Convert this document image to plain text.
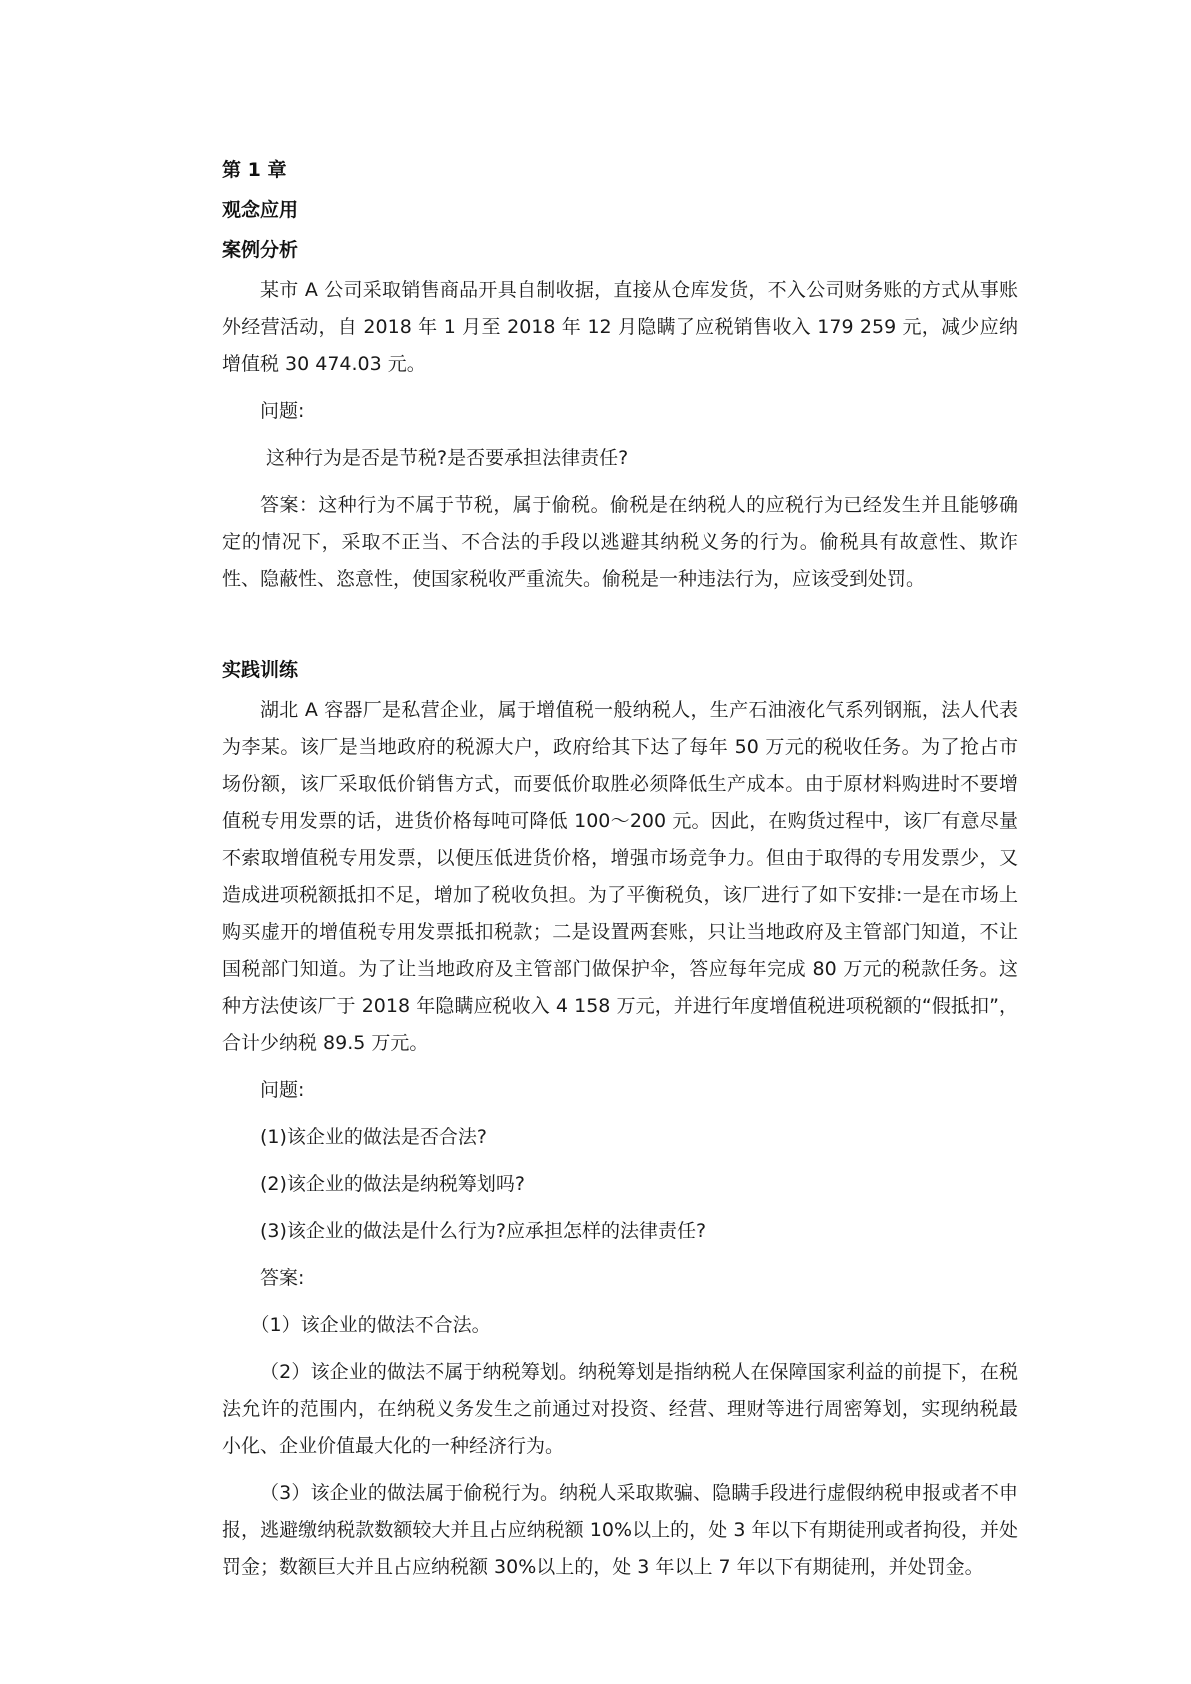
第 1 章

观念应用

案例分析

某市 A 公司采取销售商品开具自制收据，直接从仓库发货，不入公司财务账的方式从事账外经营活动，自 2018 年 1 月至 2018 年 12 月隐瞒了应税销售收入 179 259 元，减少应纳增值税 30 474.03 元。

问题:

这种行为是否是节税?是否要承担法律责任?

答案：这种行为不属于节税，属于偷税。偷税是在纳税人的应税行为已经发生并且能够确定的情况下，采取不正当、不合法的手段以逃避其纳税义务的行为。偷税具有故意性、欺诈性、隐蔽性、恣意性，使国家税收严重流失。偷税是一种违法行为，应该受到处罚。

实践训练

湖北 A 容器厂是私营企业，属于增值税一般纳税人，生产石油液化气系列钢瓶，法人代表为李某。该厂是当地政府的税源大户，政府给其下达了每年 50 万元的税收任务。为了抢占市场份额，该厂采取低价销售方式，而要低价取胜必须降低生产成本。由于原材料购进时不要增值税专用发票的话，进货价格每吨可降低 100～200 元。因此，在购货过程中，该厂有意尽量不索取增值税专用发票，以便压低进货价格，增强市场竞争力。但由于取得的专用发票少，又造成进项税额抵扣不足，增加了税收负担。为了平衡税负，该厂进行了如下安排:一是在市场上购买虚开的增值税专用发票抵扣税款；二是设置两套账，只让当地政府及主管部门知道，不让国税部门知道。为了让当地政府及主管部门做保护伞，答应每年完成 80 万元的税款任务。这种方法使该厂于 2018 年隐瞒应税收入 4 158 万元，并进行年度增值税进项税额的“假抵扣”，合计少纳税 89.5 万元。

问题:

(1)该企业的做法是否合法?

(2)该企业的做法是纳税筹划吗?

(3)该企业的做法是什么行为?应承担怎样的法律责任?

答案:

（1）该企业的做法不合法。

（2）该企业的做法不属于纳税筹划。纳税筹划是指纳税人在保障国家利益的前提下，在税法允许的范围内，在纳税义务发生之前通过对投资、经营、理财等进行周密筹划，实现纳税最小化、企业价值最大化的一种经济行为。

（3）该企业的做法属于偷税行为。纳税人采取欺骗、隐瞒手段进行虚假纳税申报或者不申报，逃避缴纳税款数额较大并且占应纳税额 10%以上的，处 3 年以下有期徒刑或者拘役，并处罚金；数额巨大并且占应纳税额 30%以上的，处 3 年以上 7 年以下有期徒刑，并处罚金。
